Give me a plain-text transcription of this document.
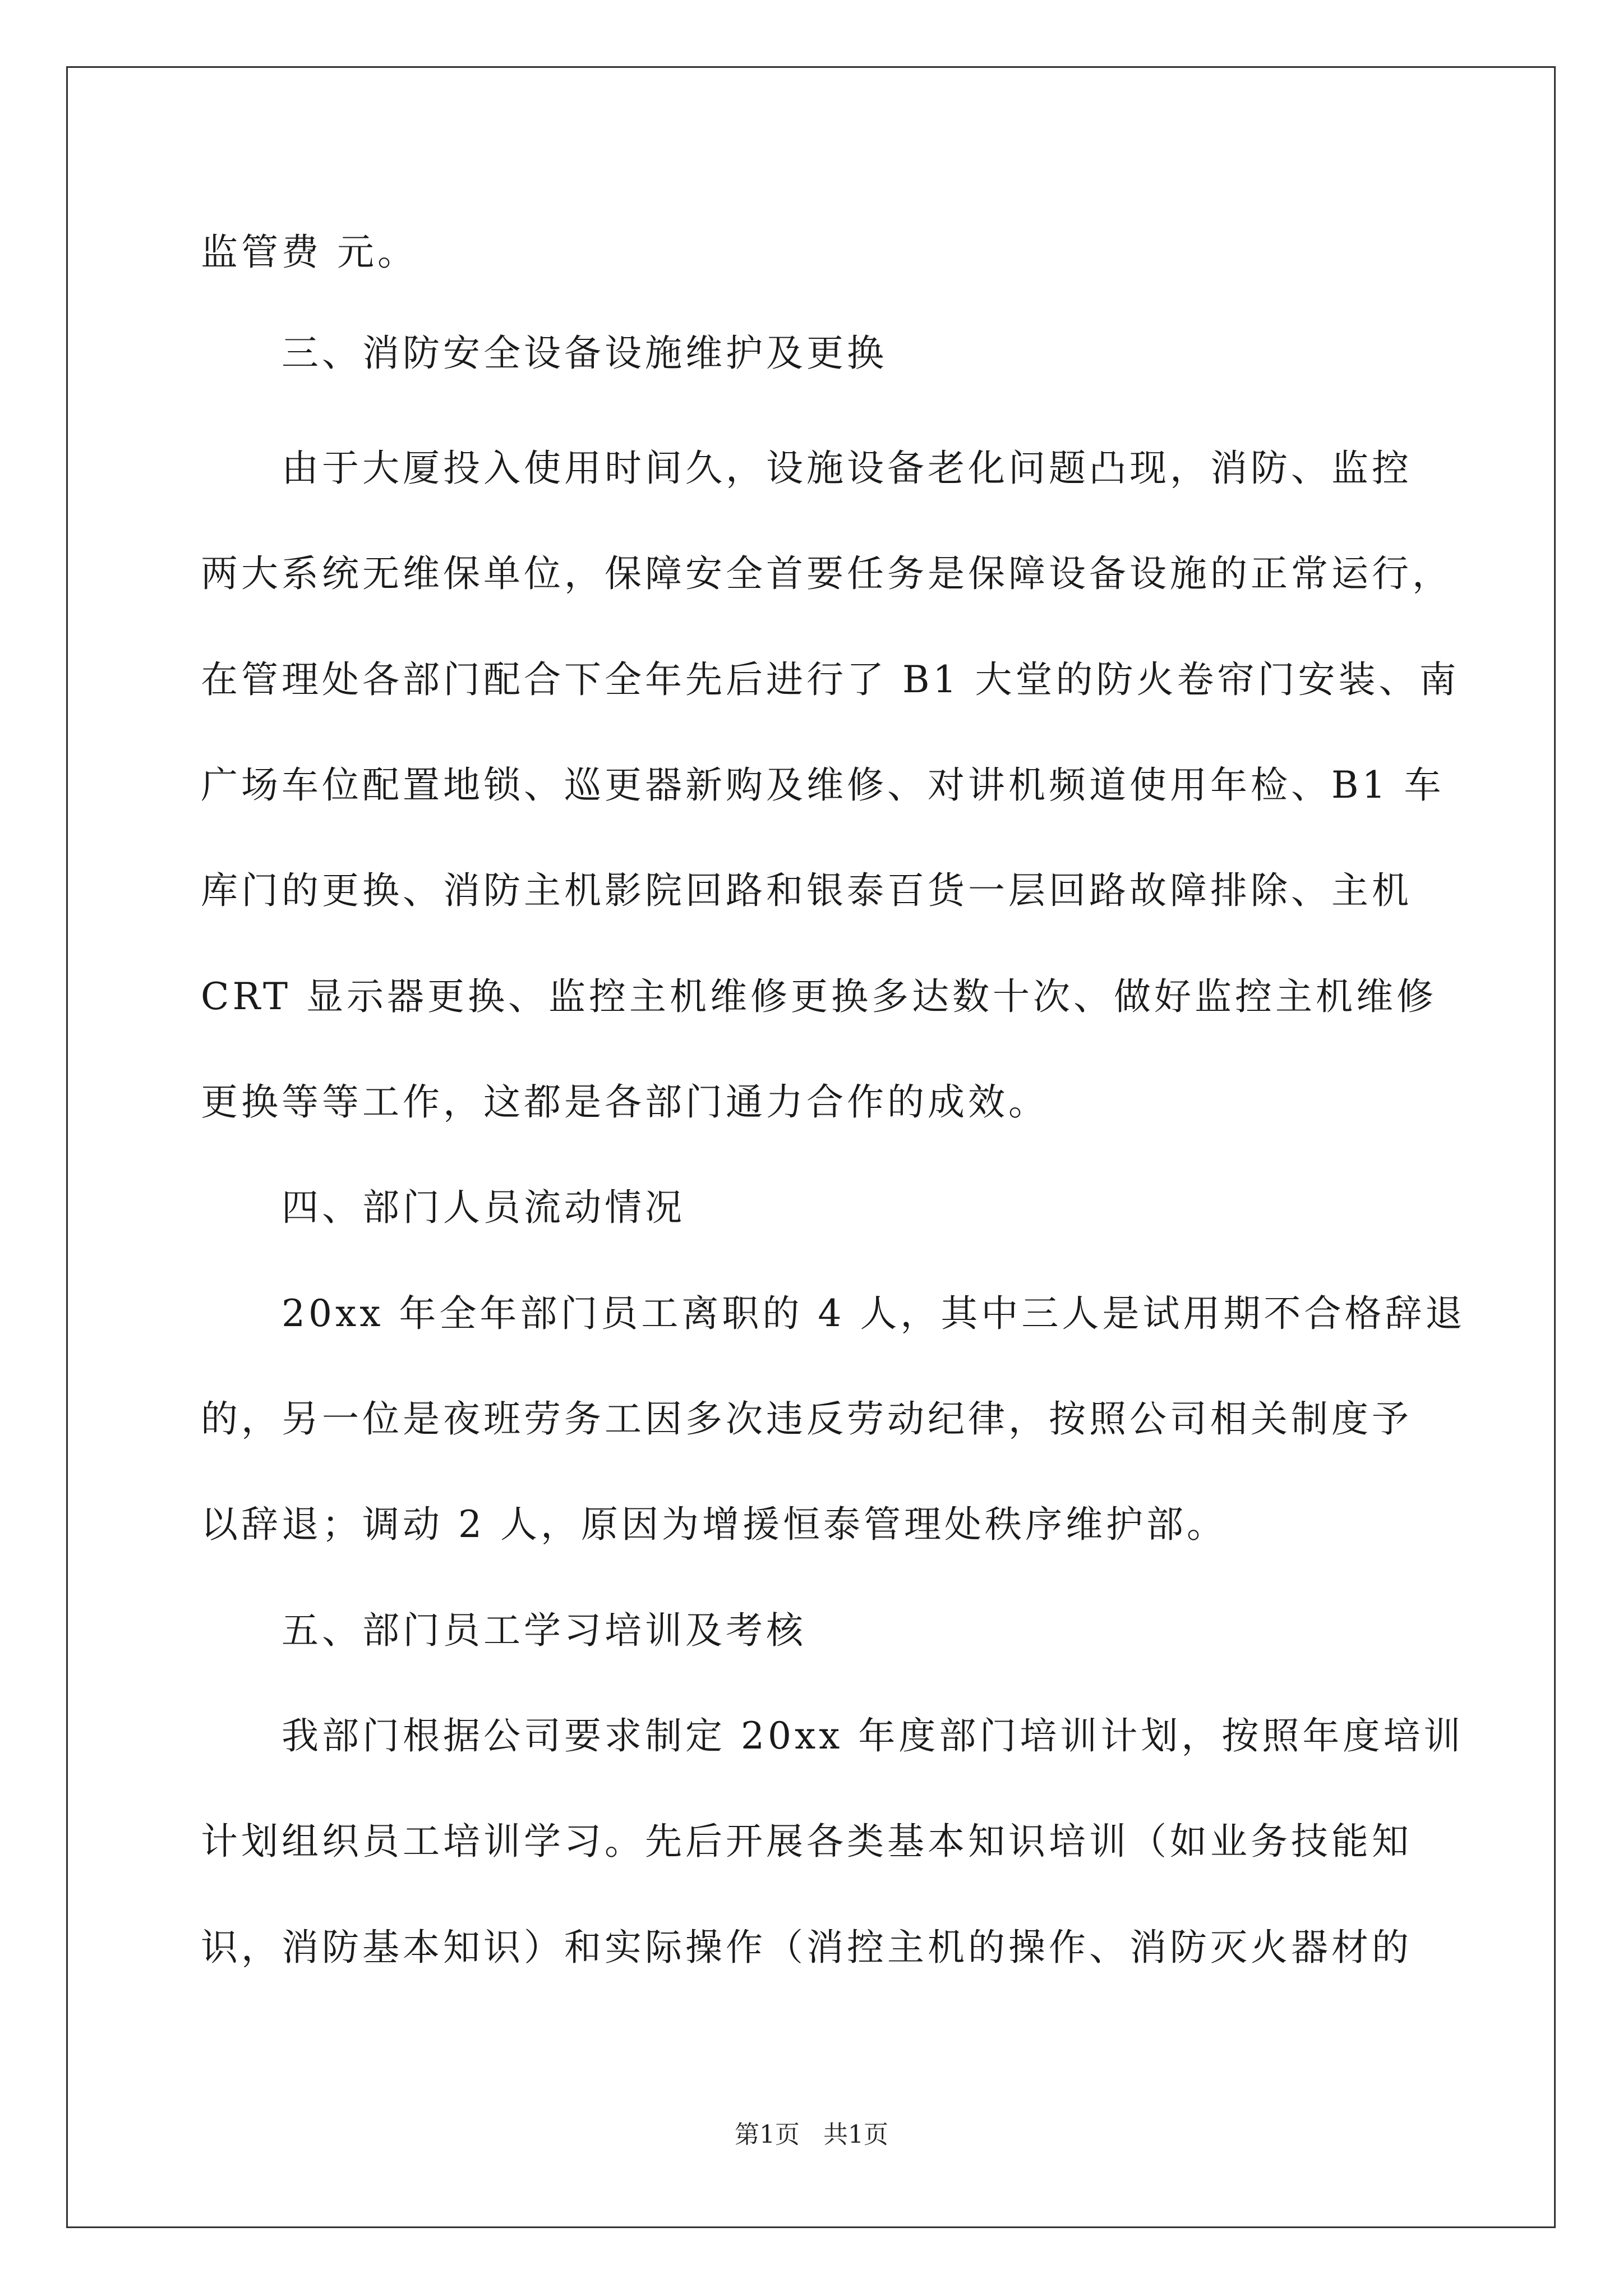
监管费 元。

三、消防安全设备设施维护及更换

由于大厦投入使用时间久，设施设备老化问题凸现，消防、监控

两大系统无维保单位，保障安全首要任务是保障设备设施的正常运行，

在管理处各部门配合下全年先后进行了 B1 大堂的防火卷帘门安装、南

广场车位配置地锁、巡更器新购及维修、对讲机频道使用年检、B1 车

库门的更换、消防主机影院回路和银泰百货一层回路故障排除、主机

CRT 显示器更换、监控主机维修更换多达数十次、做好监控主机维修

更换等等工作，这都是各部门通力合作的成效。

四、部门人员流动情况

20xx 年全年部门员工离职的 4 人，其中三人是试用期不合格辞退

的，另一位是夜班劳务工因多次违反劳动纪律，按照公司相关制度予

以辞退；调动 2 人，原因为增援恒泰管理处秩序维护部。

五、部门员工学习培训及考核

我部门根据公司要求制定 20xx 年度部门培训计划，按照年度培训

计划组织员工培训学习。先后开展各类基本知识培训（如业务技能知

识，消防基本知识）和实际操作（消控主机的操作、消防灭火器材的

第1页   共1页
